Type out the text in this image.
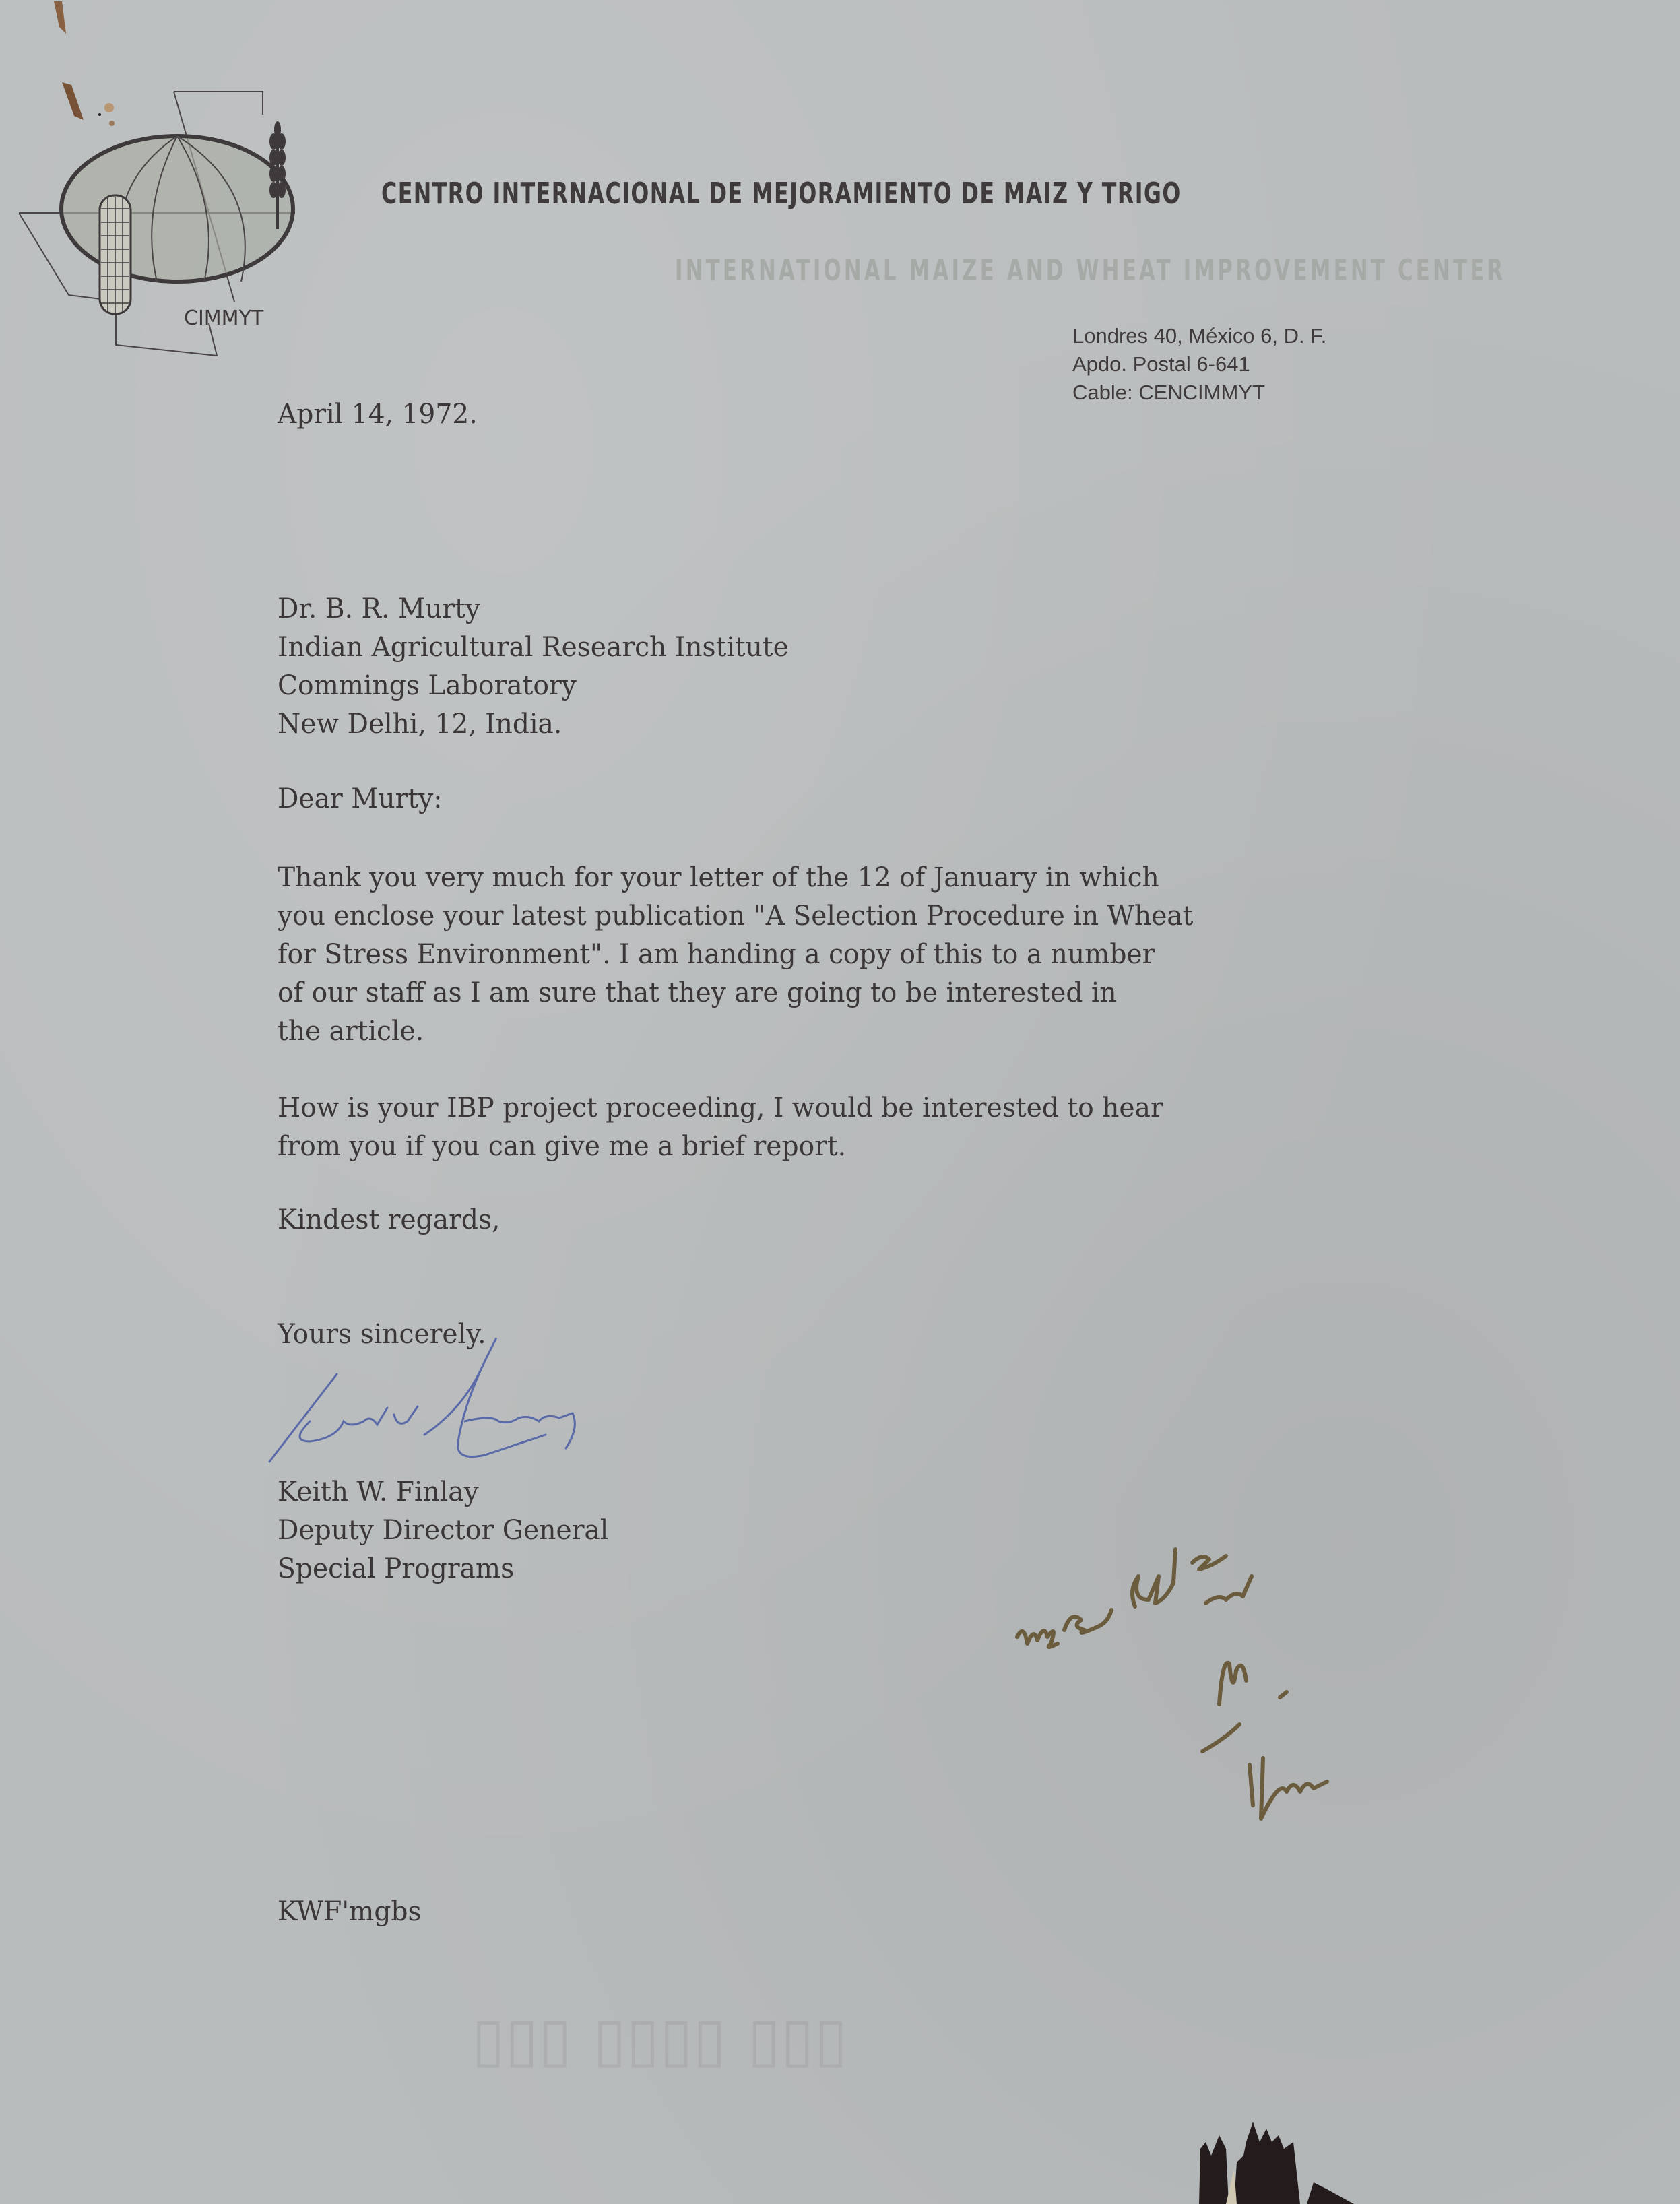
CIMMYT
CENTRO INTERNACIONAL DE MEJORAMIENTO DE MAIZ Y TRIGO
INTERNATIONAL MAIZE AND WHEAT IMPROVEMENT CENTER
Londres 40, México 6, D. F.
Apdo. Postal 6-641
Cable: CENCIMMYT
April 14, 1972.
Dr. B. R. Murty
Indian Agricultural Research Institute
Commings Laboratory
New Delhi, 12, India.
Dear Murty:
Thank you very much for your letter of the 12 of January in which
you enclose your latest publication "A Selection Procedure in Wheat
for Stress Environment". I am handing a copy of this to a number
of our staff as I am sure that they are going to be interested in
the article.
How is your IBP project proceeding, I would be interested to hear
from you if you can give me a brief report.
Kindest regards,
Yours sincerely.
Keith W. Finlay
Deputy Director General
Special Programs
KWF'mgbs
▯▯▯ ▯▯▯▯ ▯▯▯
